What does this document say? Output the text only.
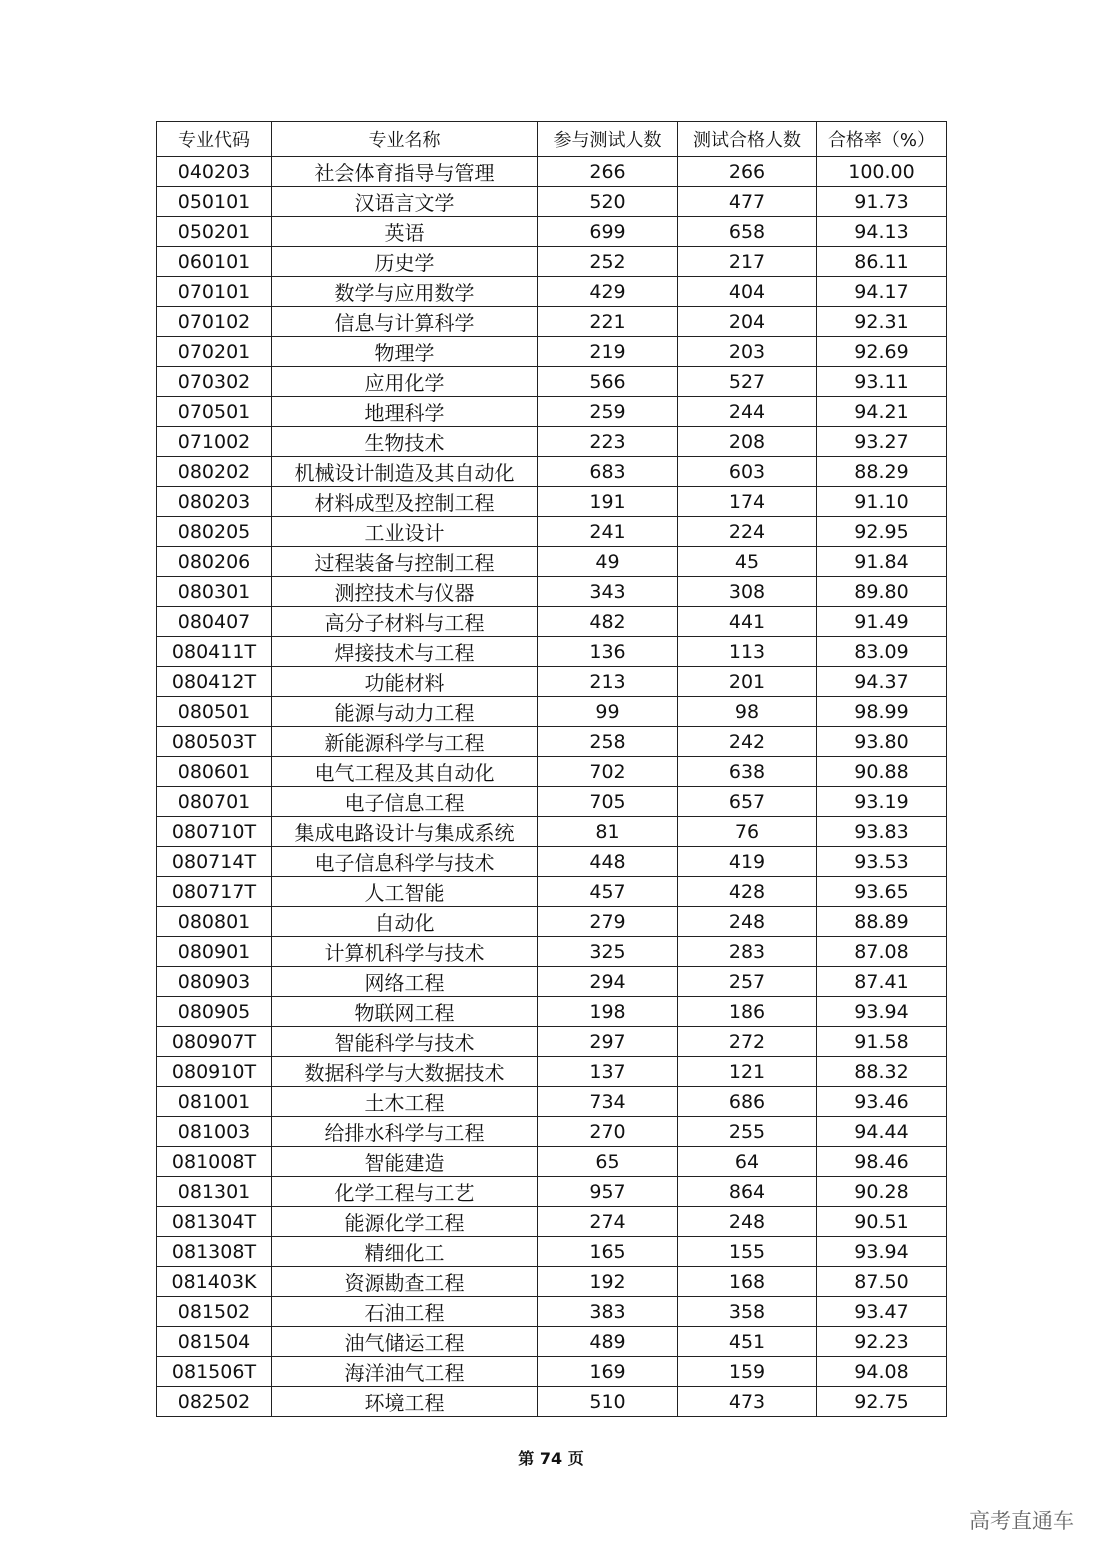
专业代码	专业名称	参与测试人数	测试合格人数	合格率（%）
040203	社会体育指导与管理	266	266	100.00
050101	汉语言文学	520	477	91.73
050201	英语	699	658	94.13
060101	历史学	252	217	86.11
070101	数学与应用数学	429	404	94.17
070102	信息与计算科学	221	204	92.31
070201	物理学	219	203	92.69
070302	应用化学	566	527	93.11
070501	地理科学	259	244	94.21
071002	生物技术	223	208	93.27
080202	机械设计制造及其自动化	683	603	88.29
080203	材料成型及控制工程	191	174	91.10
080205	工业设计	241	224	92.95
080206	过程装备与控制工程	49	45	91.84
080301	测控技术与仪器	343	308	89.80
080407	高分子材料与工程	482	441	91.49
080411T	焊接技术与工程	136	113	83.09
080412T	功能材料	213	201	94.37
080501	能源与动力工程	99	98	98.99
080503T	新能源科学与工程	258	242	93.80
080601	电气工程及其自动化	702	638	90.88
080701	电子信息工程	705	657	93.19
080710T	集成电路设计与集成系统	81	76	93.83
080714T	电子信息科学与技术	448	419	93.53
080717T	人工智能	457	428	93.65
080801	自动化	279	248	88.89
080901	计算机科学与技术	325	283	87.08
080903	网络工程	294	257	87.41
080905	物联网工程	198	186	93.94
080907T	智能科学与技术	297	272	91.58
080910T	数据科学与大数据技术	137	121	88.32
081001	土木工程	734	686	93.46
081003	给排水科学与工程	270	255	94.44
081008T	智能建造	65	64	98.46
081301	化学工程与工艺	957	864	90.28
081304T	能源化学工程	274	248	90.51
081308T	精细化工	165	155	93.94
081403K	资源勘查工程	192	168	87.50
081502	石油工程	383	358	93.47
081504	油气储运工程	489	451	92.23
081506T	海洋油气工程	169	159	94.08
082502	环境工程	510	473	92.75
第 74 页
高考直通车
